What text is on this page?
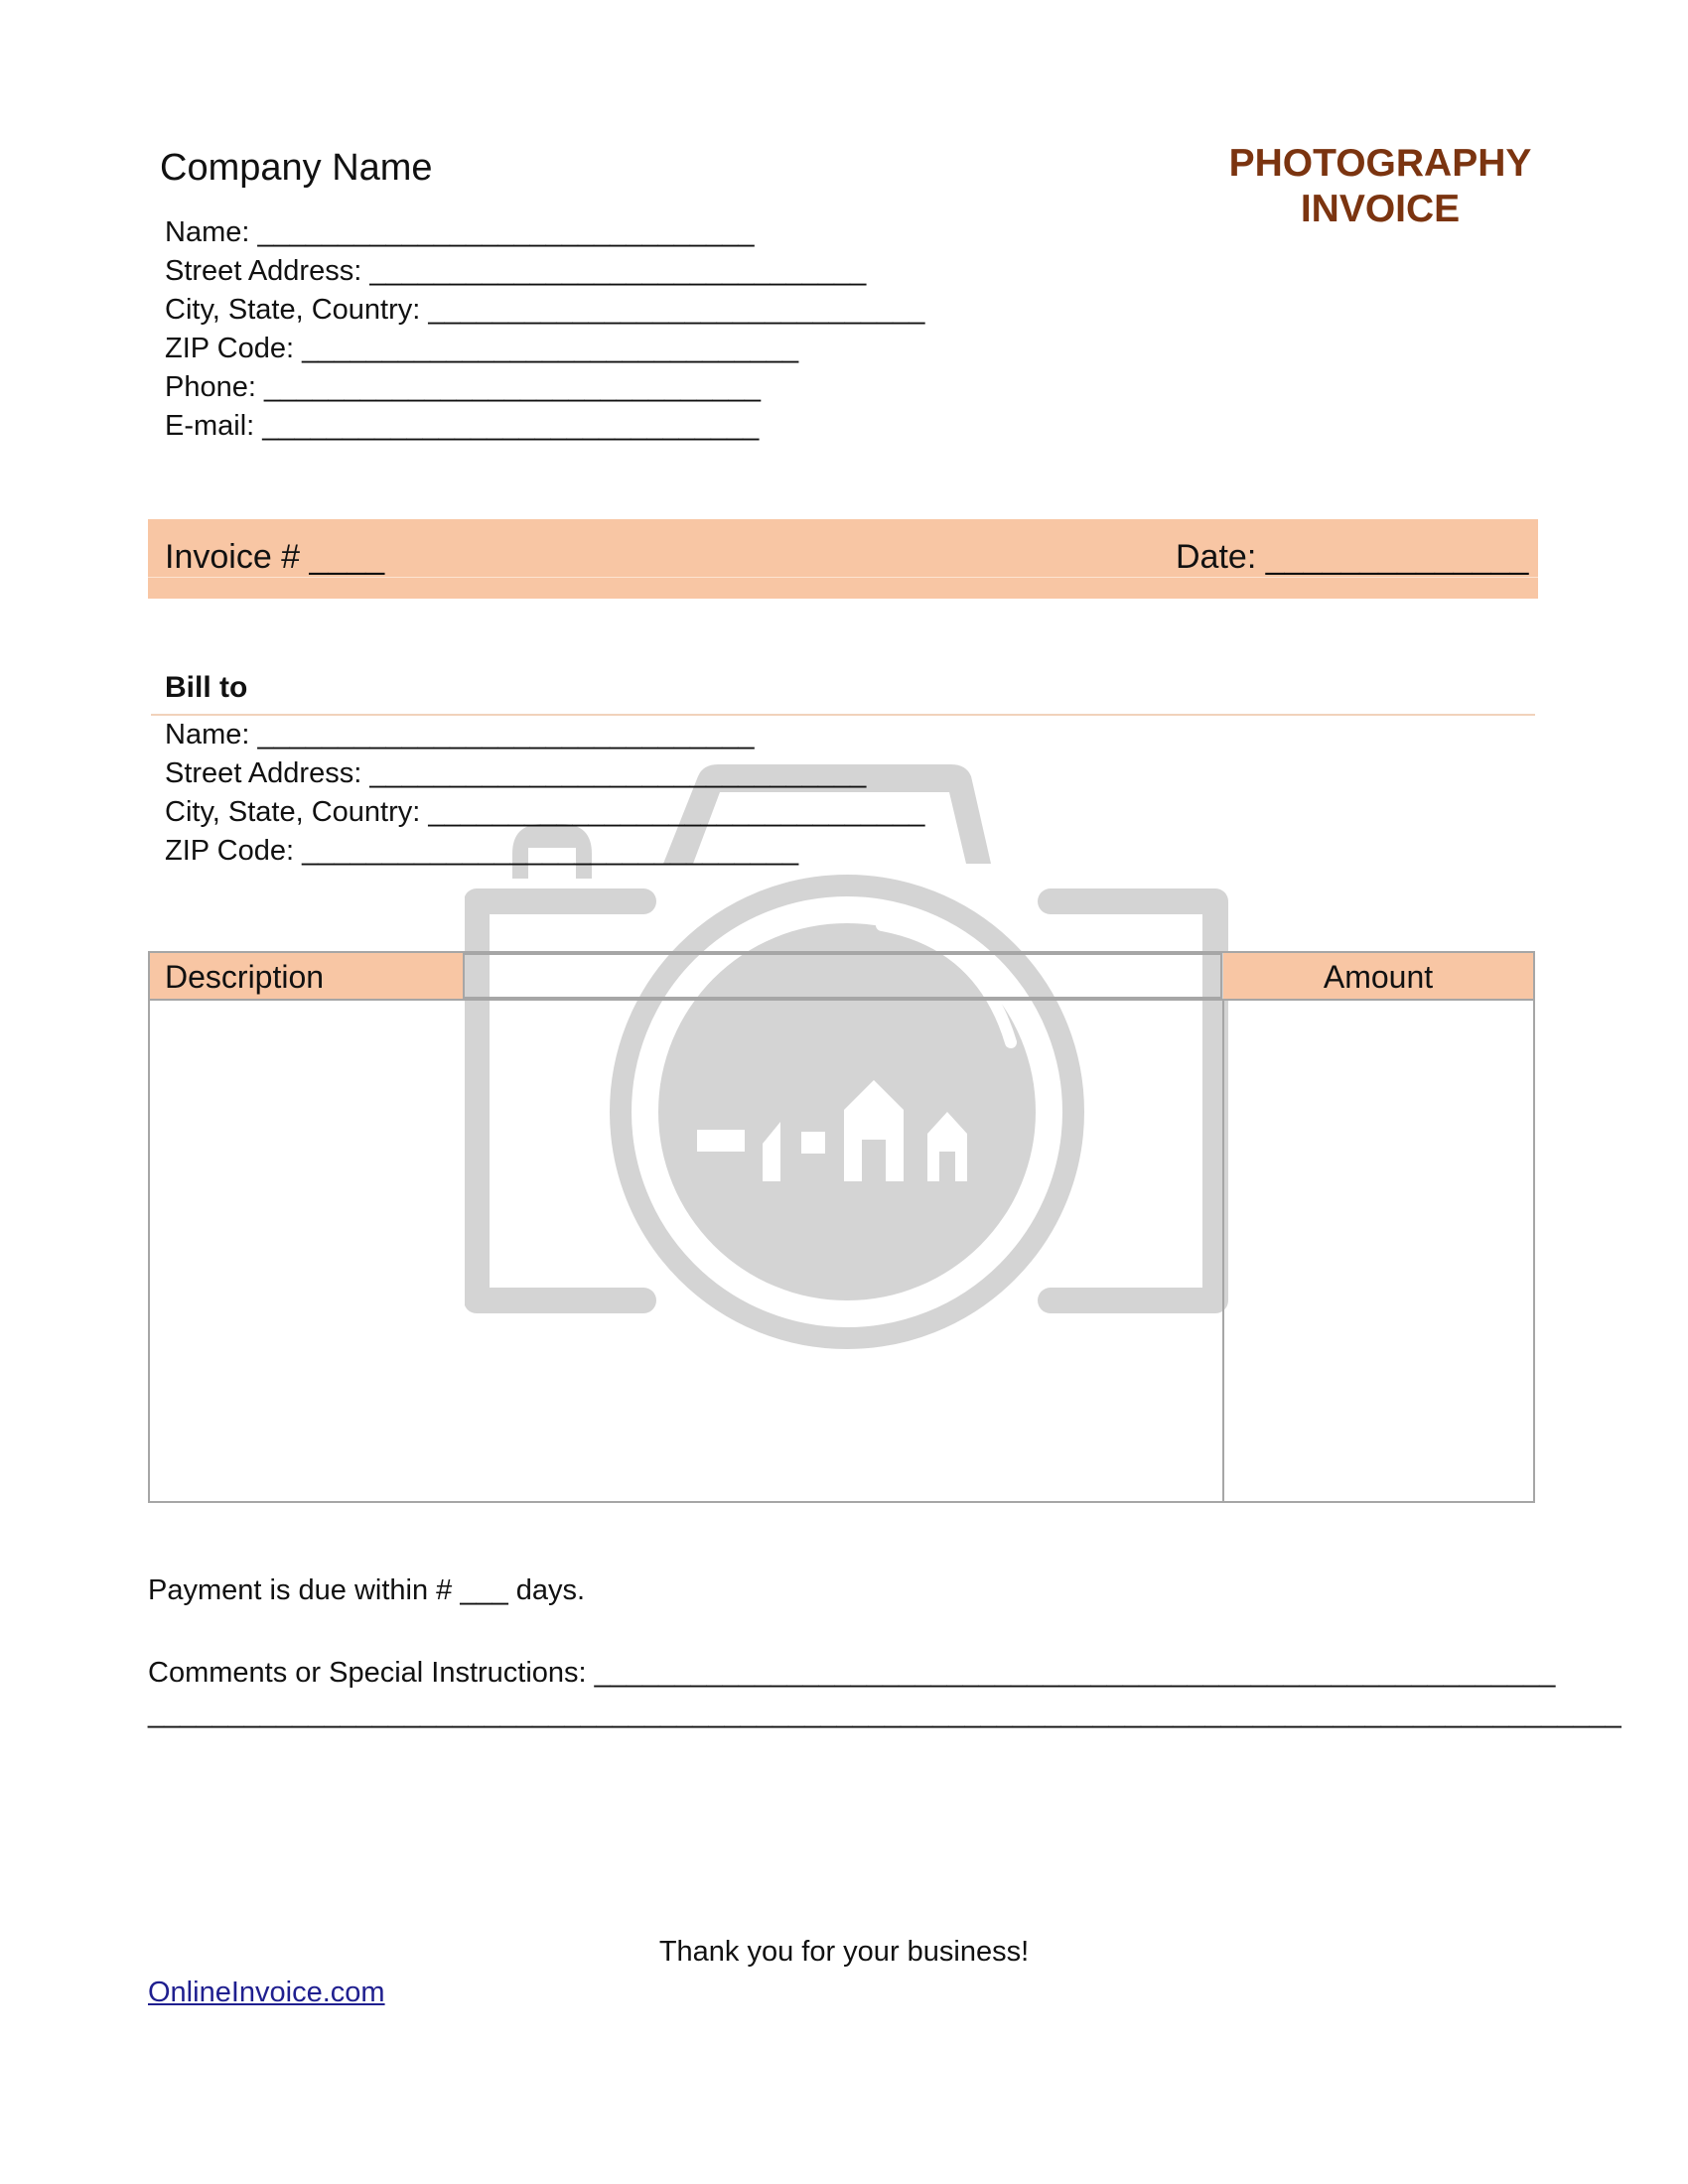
Company Name	PHOTOGRAPHY
INVOICE
Name: _______________________________
Street Address: _______________________________
City, State, Country: _______________________________
ZIP Code: _______________________________
Phone: _______________________________
E-mail: _______________________________
Invoice # ____	Date: ______________
Bill to
Name: _______________________________
Street Address: _______________________________
City, State, Country: _______________________________
ZIP Code: _______________________________
Description	Amount
Payment is due within # ___ days.
Comments or Special Instructions: ____________________________________________________________
____________________________________________________________________________________________
Thank you for your business!
OnlineInvoice.com
